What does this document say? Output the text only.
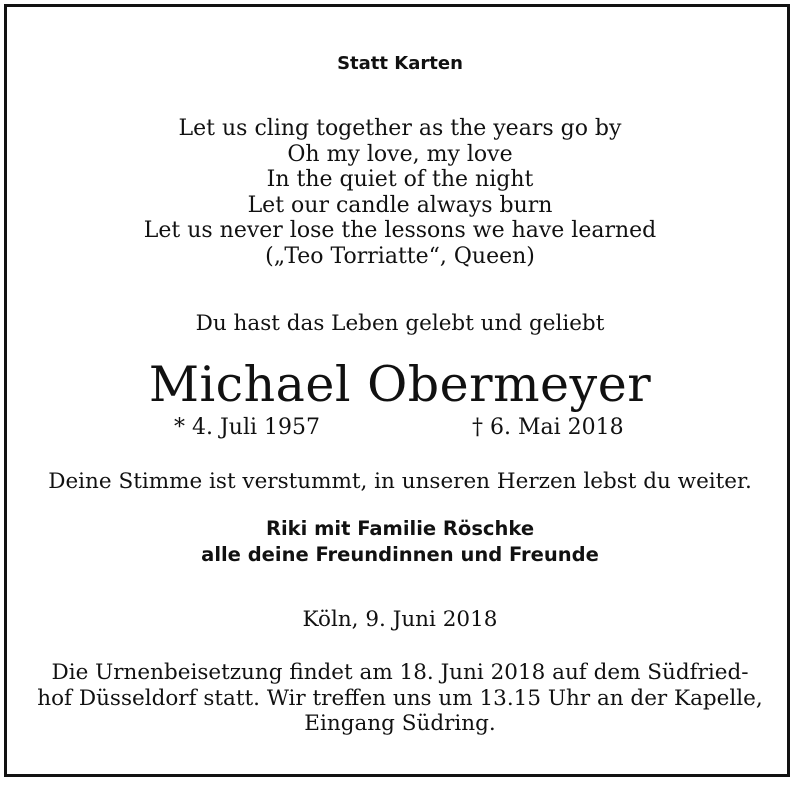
Statt Karten
Let us cling together as the years go by
Oh my love, my love
In the quiet of the night
Let our candle always burn
Let us never lose the lessons we have learned
(„Teo Torriatte“, Queen)
Du hast das Leben gelebt und geliebt
Michael Obermeyer
* 4. Juli 1957	† 6. Mai 2018
Deine Stimme ist verstummt, in unseren Herzen lebst du weiter.
Riki mit Familie Röschke
alle deine Freundinnen und Freunde
Köln, 9. Juni 2018
Die Urnenbeisetzung findet am 18. Juni 2018 auf dem Südfried-
hof Düsseldorf statt. Wir treffen uns um 13.15 Uhr an der Kapelle,
Eingang Südring.
